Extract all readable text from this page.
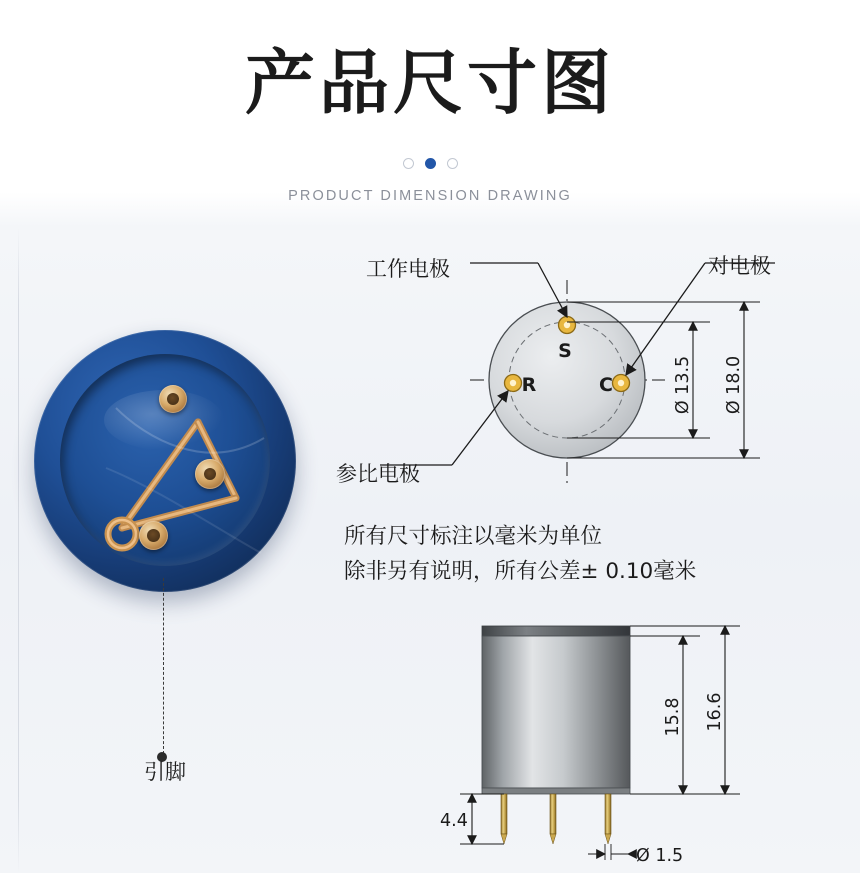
产品尺寸图
PRODUCT DIMENSION DRAWING
引脚
S
R	C	Ø 13.5 Ø 18.0
工作电极	对电极
参比电极
所有尺寸标注以毫米为单位
除非另有说明，所有公差± 0.10毫米
15.8 16.6
4.4
Ø 1.5
